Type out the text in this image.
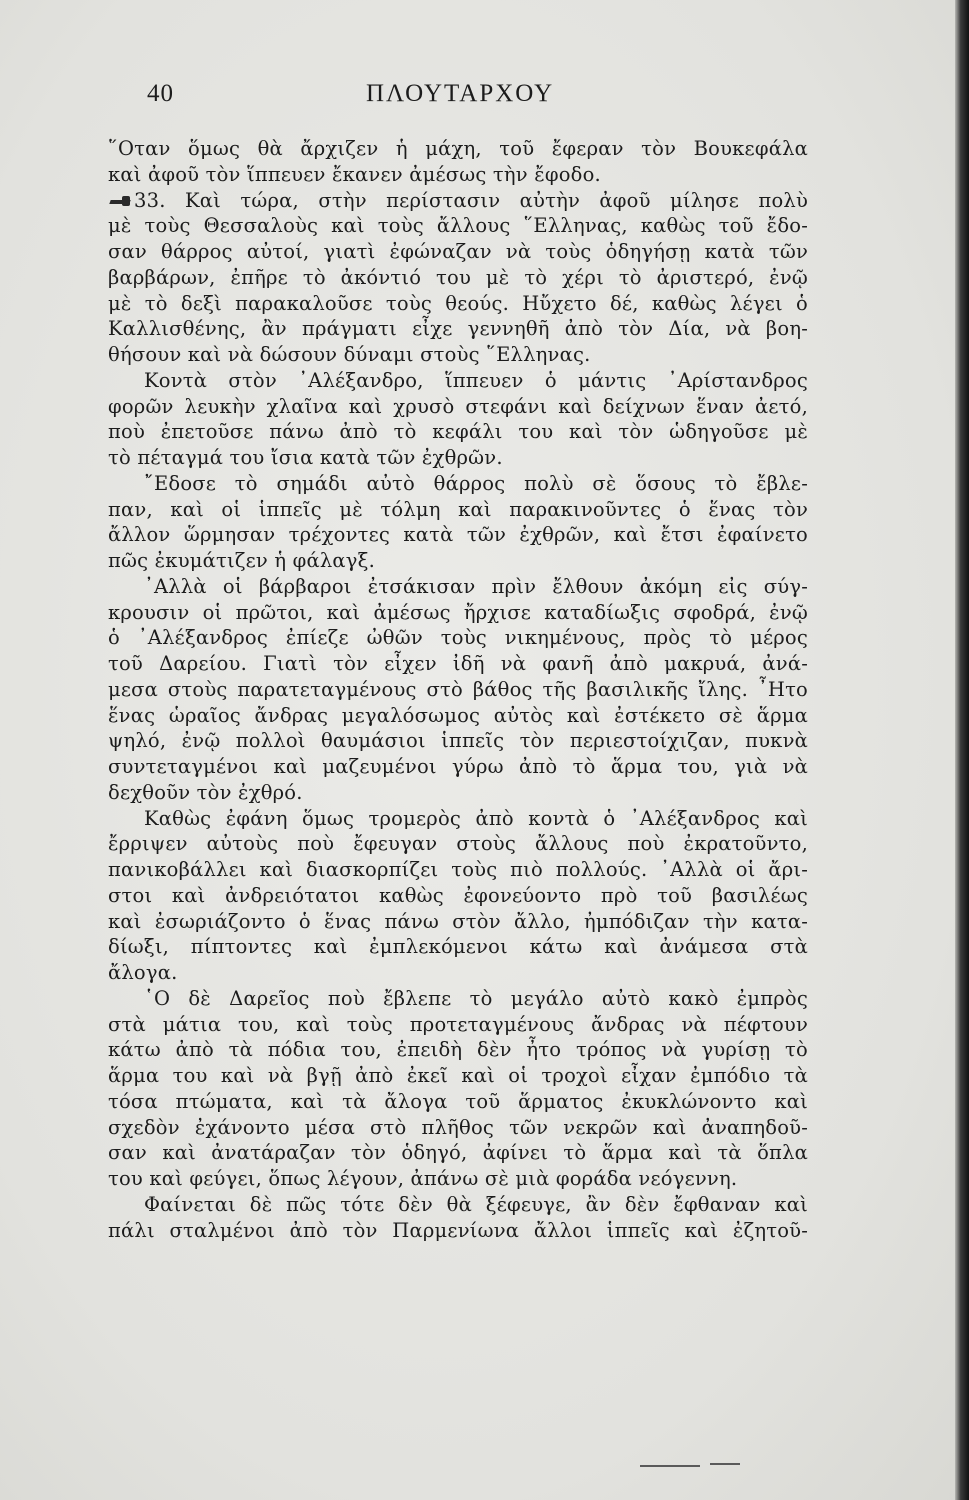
40	ΠΛΟΥΤΑΡΧΟΥ
῞Οταν ὅμως θὰ ἄρχιζεν ἡ μάχη, τοῦ ἔφεραν τὸν Βουκεφάλα
καὶ ἀφοῦ τὸν ἵππευεν ἔκανεν ἀμέσως τὴν ἔφοδο.
33. Καὶ τώρα, στὴν περίστασιν αὐτὴν ἀφοῦ μίλησε πολὺ
μὲ τοὺς Θεσσαλοὺς καὶ τοὺς ἄλλους ῞Ελληνας, καθὼς τοῦ ἔδο-
σαν θάρρος αὐτοί, γιατὶ ἐφώναζαν νὰ τοὺς ὁδηγήσῃ κατὰ τῶν
βαρβάρων, ἐπῆρε τὸ ἀκόντιό του μὲ τὸ χέρι τὸ ἀριστερό, ἐνῷ
μὲ τὸ δεξὶ παρακαλοῦσε τοὺς θεούς. Ηὔχετο δέ, καθὼς λέγει ὁ
Καλλισθένης, ἂν πράγματι εἶχε γεννηθῆ ἀπὸ τὸν Δία, νὰ βοη-
θήσουν καὶ νὰ δώσουν δύναμι στοὺς ῞Ελληνας.
Κοντὰ στὸν ᾿Αλέξανδρο, ἵππευεν ὁ μάντις ᾿Αρίστανδρος
φορῶν λευκὴν χλαῖνα καὶ χρυσὸ στεφάνι καὶ δείχνων ἕναν ἀετό,
ποὺ ἐπετοῦσε πάνω ἀπὸ τὸ κεφάλι του καὶ τὸν ὡδηγοῦσε μὲ
τὸ πέταγμά του ἴσια κατὰ τῶν ἐχθρῶν.
῎Εδοσε τὸ σημάδι αὐτὸ θάρρος πολὺ σὲ ὅσους τὸ ἔβλε-
παν, καὶ οἱ ἱππεῖς μὲ τόλμη καὶ παρακινοῦντες ὁ ἕνας τὸν
ἄλλον ὥρμησαν τρέχοντες κατὰ τῶν ἐχθρῶν, καὶ ἔτσι ἐφαίνετο
πῶς ἐκυμάτιζεν ἡ φάλαγξ.
᾿Αλλὰ οἱ βάρβαροι ἐτσάκισαν πρὶν ἔλθουν ἀκόμη εἰς σύγ-
κρουσιν οἱ πρῶτοι, καὶ ἀμέσως ἤρχισε καταδίωξις σφοδρά, ἐνῷ
ὁ ᾿Αλέξανδρος ἐπίεζε ὠθῶν τοὺς νικημένους, πρὸς τὸ μέρος
τοῦ Δαρείου. Γιατὶ τὸν εἶχεν ἰδῆ νὰ φανῆ ἀπὸ μακρυά, ἀνά-
μεσα στοὺς παρατεταγμένους στὸ βάθος τῆς βασιλικῆς ἴλης. ῏Ητο
ἕνας ὡραῖος ἄνδρας μεγαλόσωμος αὐτὸς καὶ ἐστέκετο σὲ ἅρμα
ψηλό, ἐνῷ πολλοὶ θαυμάσιοι ἱππεῖς τὸν περιεστοίχιζαν, πυκνὰ
συντεταγμένοι καὶ μαζευμένοι γύρω ἀπὸ τὸ ἅρμα του, γιὰ νὰ
δεχθοῦν τὸν ἐχθρό.
Καθὼς ἐφάνη ὅμως τρομερὸς ἀπὸ κοντὰ ὁ ᾿Αλέξανδρος καὶ
ἔρριψεν αὐτοὺς ποὺ ἔφευγαν στοὺς ἄλλους ποὺ ἐκρατοῦντο,
πανικοβάλλει καὶ διασκορπίζει τοὺς πιὸ πολλούς. ᾿Αλλὰ οἱ ἄρι-
στοι καὶ ἀνδρειότατοι καθὼς ἐφονεύοντο πρὸ τοῦ βασιλέως
καὶ ἐσωριάζοντο ὁ ἕνας πάνω στὸν ἄλλο, ἠμπόδιζαν τὴν κατα-
δίωξι, πίπτοντες καὶ ἐμπλεκόμενοι κάτω καὶ ἀνάμεσα στὰ
ἄλογα.
῾Ο δὲ Δαρεῖος ποὺ ἔβλεπε τὸ μεγάλο αὐτὸ κακὸ ἐμπρὸς
στὰ μάτια του, καὶ τοὺς προτεταγμένους ἄνδρας νὰ πέφτουν
κάτω ἀπὸ τὰ πόδια του, ἐπειδὴ δὲν ἦτο τρόπος νὰ γυρίσῃ τὸ
ἅρμα του καὶ νὰ βγῇ ἀπὸ ἐκεῖ καὶ οἱ τροχοὶ εἶχαν ἐμπόδιο τὰ
τόσα πτώματα, καὶ τὰ ἄλογα τοῦ ἅρματος ἐκυκλώνοντο καὶ
σχεδὸν ἐχάνοντο μέσα στὸ πλῆθος τῶν νεκρῶν καὶ ἀναπηδοῦ-
σαν καὶ ἀνατάραζαν τὸν ὁδηγό, ἀφίνει τὸ ἅρμα καὶ τὰ ὅπλα
του καὶ φεύγει, ὅπως λέγουν, ἀπάνω σὲ μιὰ φοράδα νεόγεννη.
Φαίνεται δὲ πῶς τότε δὲν θὰ ξέφευγε, ἂν δὲν ἔφθαναν καὶ
πάλι σταλμένοι ἀπὸ τὸν Παρμενίωνα ἄλλοι ἱππεῖς καὶ ἐζητοῦ-
